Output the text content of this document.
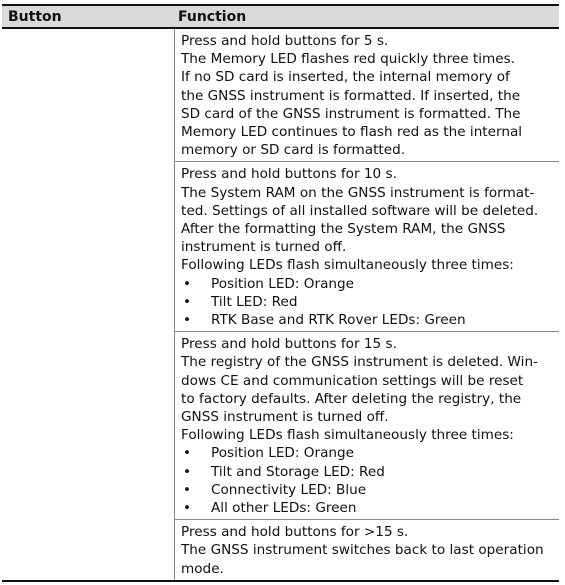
Button	Function

Press and hold buttons for 5 s.

The Memory LED flashes red quickly three times.

If no SD card is inserted, the internal memory of

the GNSS instrument is formatted. If inserted, the

SD card of the GNSS instrument is formatted. The

Memory LED continues to flash red as the internal

memory or SD card is formatted.

Press and hold buttons for 10 s.

The System RAM on the GNSS instrument is format-

ted. Settings of all installed software will be deleted.

After the formatting the System RAM, the GNSS

instrument is turned off.

Following LEDs flash simultaneously three times:

• Position LED: Orange
• Tilt LED: Red
• RTK Base and RTK Rover LEDs: Green

Press and hold buttons for 15 s.

The registry of the GNSS instrument is deleted. Win-

dows CE and communication settings will be reset

to factory defaults. After deleting the registry, the

GNSS instrument is turned off.

Following LEDs flash simultaneously three times:

• Position LED: Orange
• Tilt and Storage LED: Red
• Connectivity LED: Blue
• All other LEDs: Green

Press and hold buttons for >15 s.

The GNSS instrument switches back to last operation

mode.
